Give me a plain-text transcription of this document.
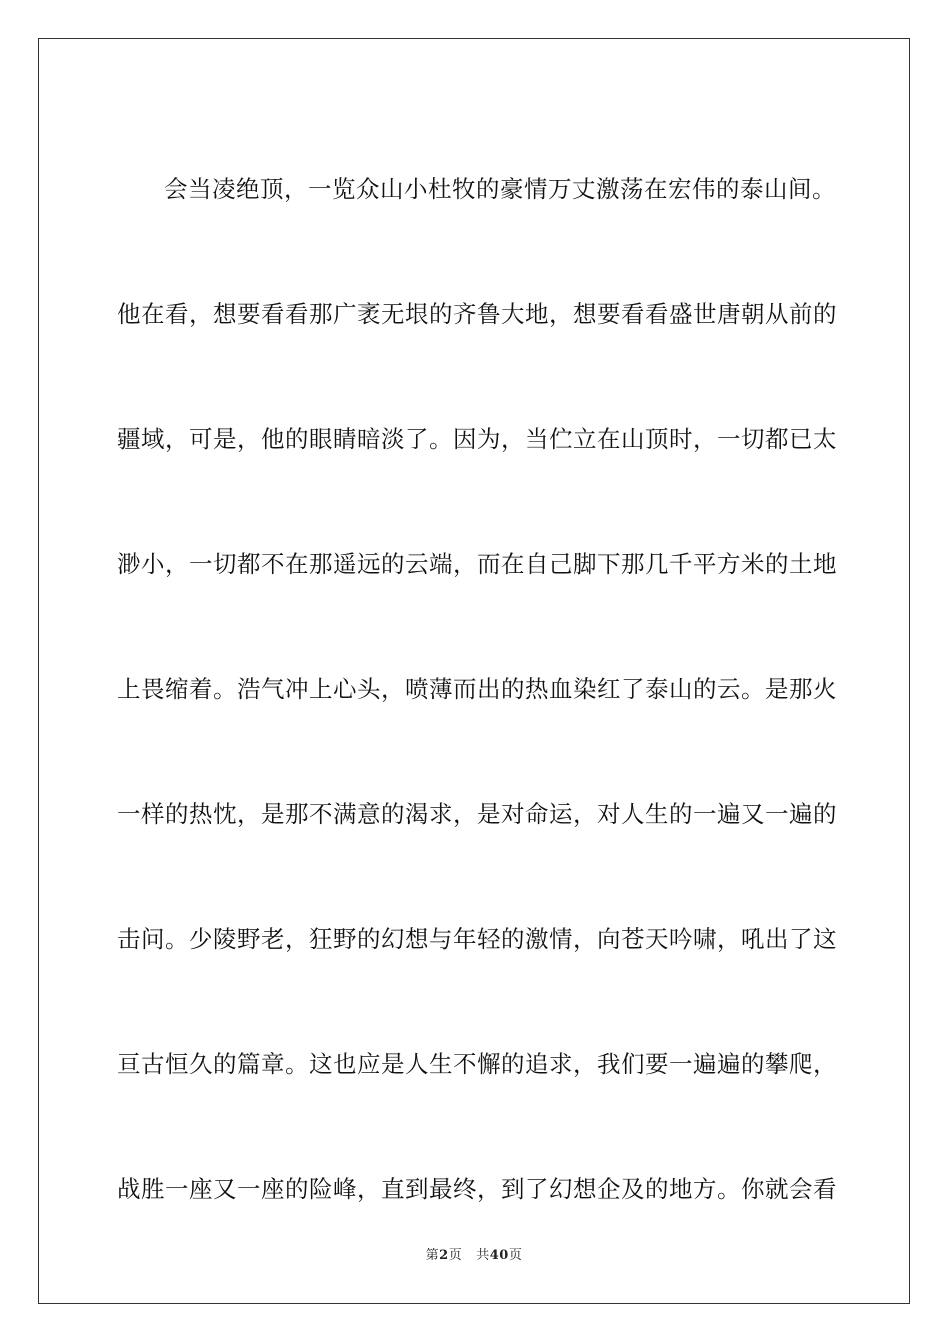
会当凌绝顶，一览众山小杜牧的豪情万丈激荡在宏伟的泰山间。
他在看，想要看看那广袤无垠的齐鲁大地，想要看看盛世唐朝从前的
疆域，可是，他的眼睛暗淡了。因为，当伫立在山顶时，一切都已太
渺小，一切都不在那遥远的云端，而在自己脚下那几千平方米的土地
上畏缩着。浩气冲上心头，喷薄而出的热血染红了泰山的云。是那火
一样的热忱，是那不满意的渴求，是对命运，对人生的一遍又一遍的
击问。少陵野老，狂野的幻想与年轻的激情，向苍天吟啸，吼出了这
亘古恒久的篇章。这也应是人生不懈的追求，我们要一遍遍的攀爬，
战胜一座又一座的险峰，直到最终，到了幻想企及的地方。你就会看
第2页 共40页
